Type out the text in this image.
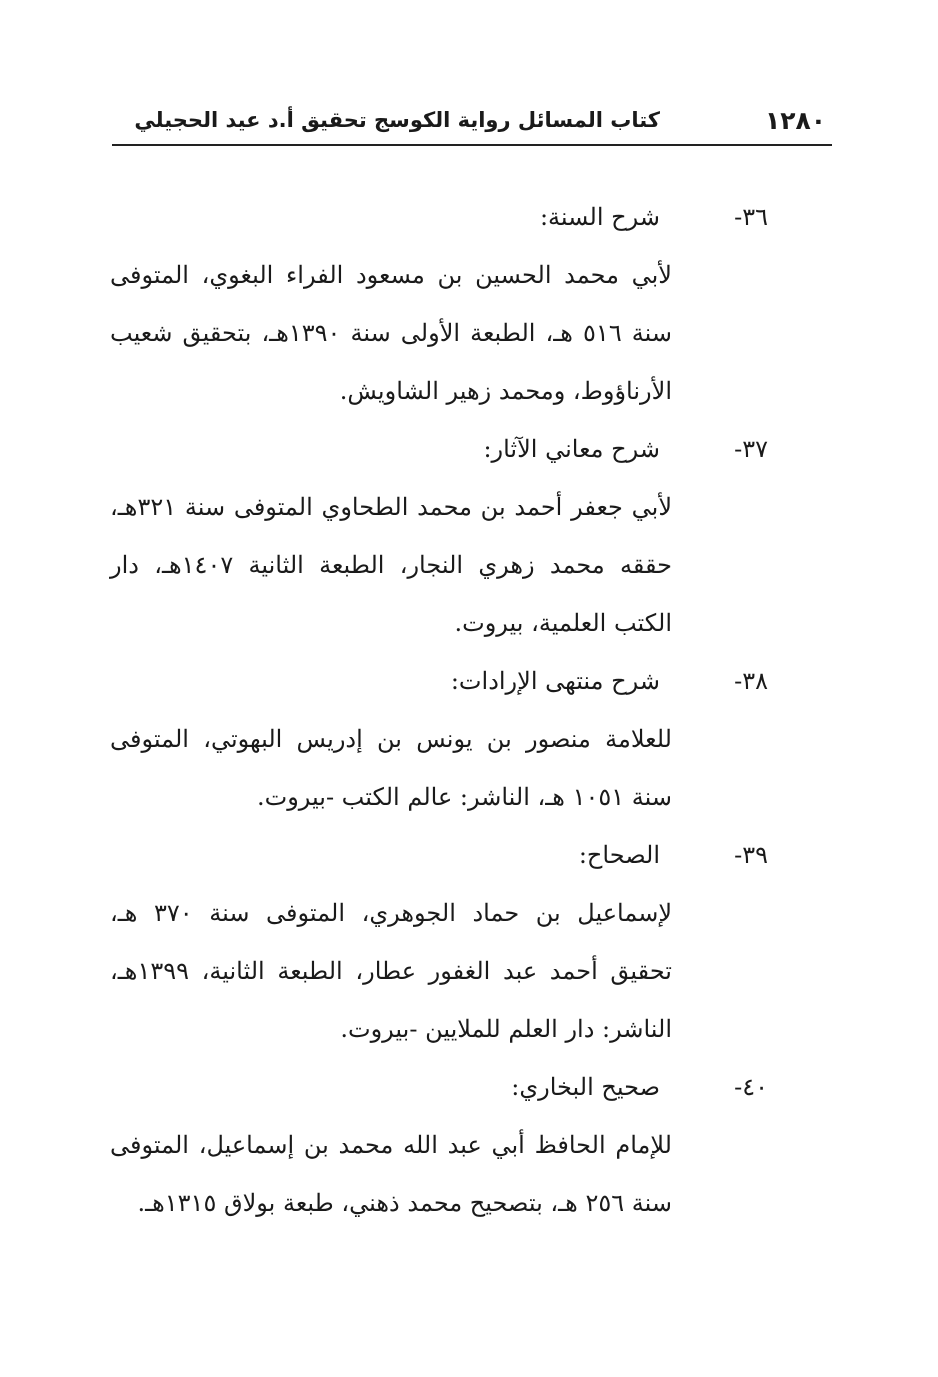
١٢٨٠
كتاب المسائل رواية الكوسج تحقيق أ.د عيد الحجيلي
٣٦-
شرح السنة:
لأبي محمد الحسين بن مسعود الفراء البغوي، المتوفى سنة ٥١٦ هـ، الطبعة الأولى سنة ١٣٩٠هـ، بتحقيق شعيب الأرناؤوط، ومحمد زهير الشاويش.
٣٧-
شرح معاني الآثار:
لأبي جعفر أحمد بن محمد الطحاوي المتوفى سنة ٣٢١هـ، حققه محمد زهري النجار، الطبعة الثانية ١٤٠٧هـ، دار الكتب العلمية، بيروت.
٣٨-
شرح منتهى الإرادات:
للعلامة منصور بن يونس بن إدريس البهوتي، المتوفى سنة ١٠٥١ هـ، الناشر: عالم الكتب -بيروت.
٣٩-
الصحاح:
لإسماعيل بن حماد الجوهري، المتوفى سنة ٣٧٠ هـ، تحقيق أحمد عبد الغفور عطار، الطبعة الثانية، ١٣٩٩هـ، الناشر: دار العلم للملايين -بيروت.
٤٠-
صحيح البخاري:
للإمام الحافظ أبي عبد الله محمد بن إسماعيل، المتوفى سنة ٢٥٦ هـ، بتصحيح محمد ذهني، طبعة بولاق ١٣١٥هـ.
